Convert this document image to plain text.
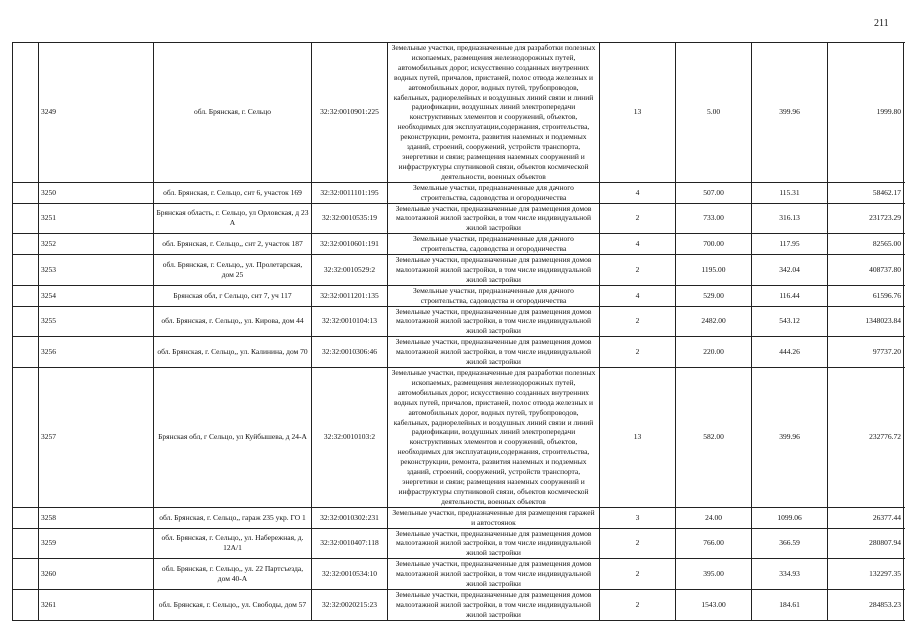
211
	3249	обл. Брянская, г. Сельцо	32:32:0010901:225	Земельные участки, предназначенные для разработки полезных ископаемых, размещения железнодорожных путей, автомобильных дорог, искусственно созданных внутренних водных путей, причалов, пристаней, полос отвода железных и автомобильных дорог, водных путей, трубопроводов, кабельных, радиорелейных и воздушных линий связи и линий радиофикации, воздушных линий электропередачи конструктивных элементов и сооружений, объектов, необходимых для эксплуатации,содержания, строительства, реконструкции, ремонта, развития наземных и подземных зданий, строений, сооружений, устройств транспорта, энергетики и связи; размещения наземных сооружений и инфраструктуры спутниковой связи, объектов космической деятельности, военных объектов	13	5.00	399.96	1999.80	
	3250	обл. Брянская, г. Сельцо, снт 6, участок 169	32:32:0011101:195	Земельные участки, предназначенные для дачного строительства, садоводства и огородничества	4	507.00	115.31	58462.17	
	3251	Брянская область, г. Сельцо, ул Орловская, д 23 А	32:32:0010535:19	Земельные участки, предназначенные для размещения домов малоэтажной жилой застройки, в том числе индивидуальной жилой застройки	2	733.00	316.13	231723.29	
	3252	обл. Брянская, г. Сельцо,, снт 2, участок 187	32:32:0010601:191	Земельные участки, предназначенные для дачного строительства, садоводства и огородничества	4	700.00	117.95	82565.00	
	3253	обл. Брянская, г. Сельцо,, ул. Пролетарская, дом 25	32:32:0010529:2	Земельные участки, предназначенные для размещения домов малоэтажной жилой застройки, в том числе индивидуальной жилой застройки	2	1195.00	342.04	408737.80	
	3254	Брянская обл, г Сельцо, снт 7, уч 117	32:32:0011201:135	Земельные участки, предназначенные для дачного строительства, садоводства и огородничества	4	529.00	116.44	61596.76	
	3255	обл. Брянская, г. Сельцо,, ул. Кирова, дом 44	32:32:0010104:13	Земельные участки, предназначенные для размещения домов малоэтажной жилой застройки, в том числе индивидуальной жилой застройки	2	2482.00	543.12	1348023.84	
	3256	обл. Брянская, г. Сельцо,, ул. Калинина, дом 70	32:32:0010306:46	Земельные участки, предназначенные для размещения домов малоэтажной жилой застройки, в том числе индивидуальной жилой застройки	2	220.00	444.26	97737.20	
	3257	Брянская обл, г Сельцо, ул Куйбышева, д 24-А	32:32:0010103:2	Земельные участки, предназначенные для разработки полезных ископаемых, размещения железнодорожных путей, автомобильных дорог, искусственно созданных внутренних водных путей, причалов, пристаней, полос отвода железных и автомобильных дорог, водных путей, трубопроводов, кабельных, радиорелейных и воздушных линий связи и линий радиофикации, воздушных линий электропередачи конструктивных элементов и сооружений, объектов, необходимых для эксплуатации,содержания, строительства, реконструкции, ремонта, развития наземных и подземных зданий, строений, сооружений, устройств транспорта, энергетики и связи; размещения наземных сооружений и инфраструктуры спутниковой связи, объектов космической деятельности, военных объектов	13	582.00	399.96	232776.72	
	3258	обл. Брянская, г. Сельцо,, гараж 235 укр. ГО 1	32:32:0010302:231	Земельные участки, предназначенные для размещения гаражей и автостоянок	3	24.00	1099.06	26377.44	
	3259	обл. Брянская, г. Сельцо,, ул. Набережная, д. 12А/1	32:32:0010407:118	Земельные участки, предназначенные для размещения домов малоэтажной жилой застройки, в том числе индивидуальной жилой застройки	2	766.00	366.59	280807.94	
	3260	обл. Брянская, г. Сельцо,, ул. 22 Партсъезда, дом 40-А	32:32:0010534:10	Земельные участки, предназначенные для размещения домов малоэтажной жилой застройки, в том числе индивидуальной жилой застройки	2	395.00	334.93	132297.35	
	3261	обл. Брянская, г. Сельцо,, ул. Свободы, дом 57	32:32:0020215:23	Земельные участки, предназначенные для размещения домов малоэтажной жилой застройки, в том числе индивидуальной жилой застройки	2	1543.00	184.61	284853.23	
